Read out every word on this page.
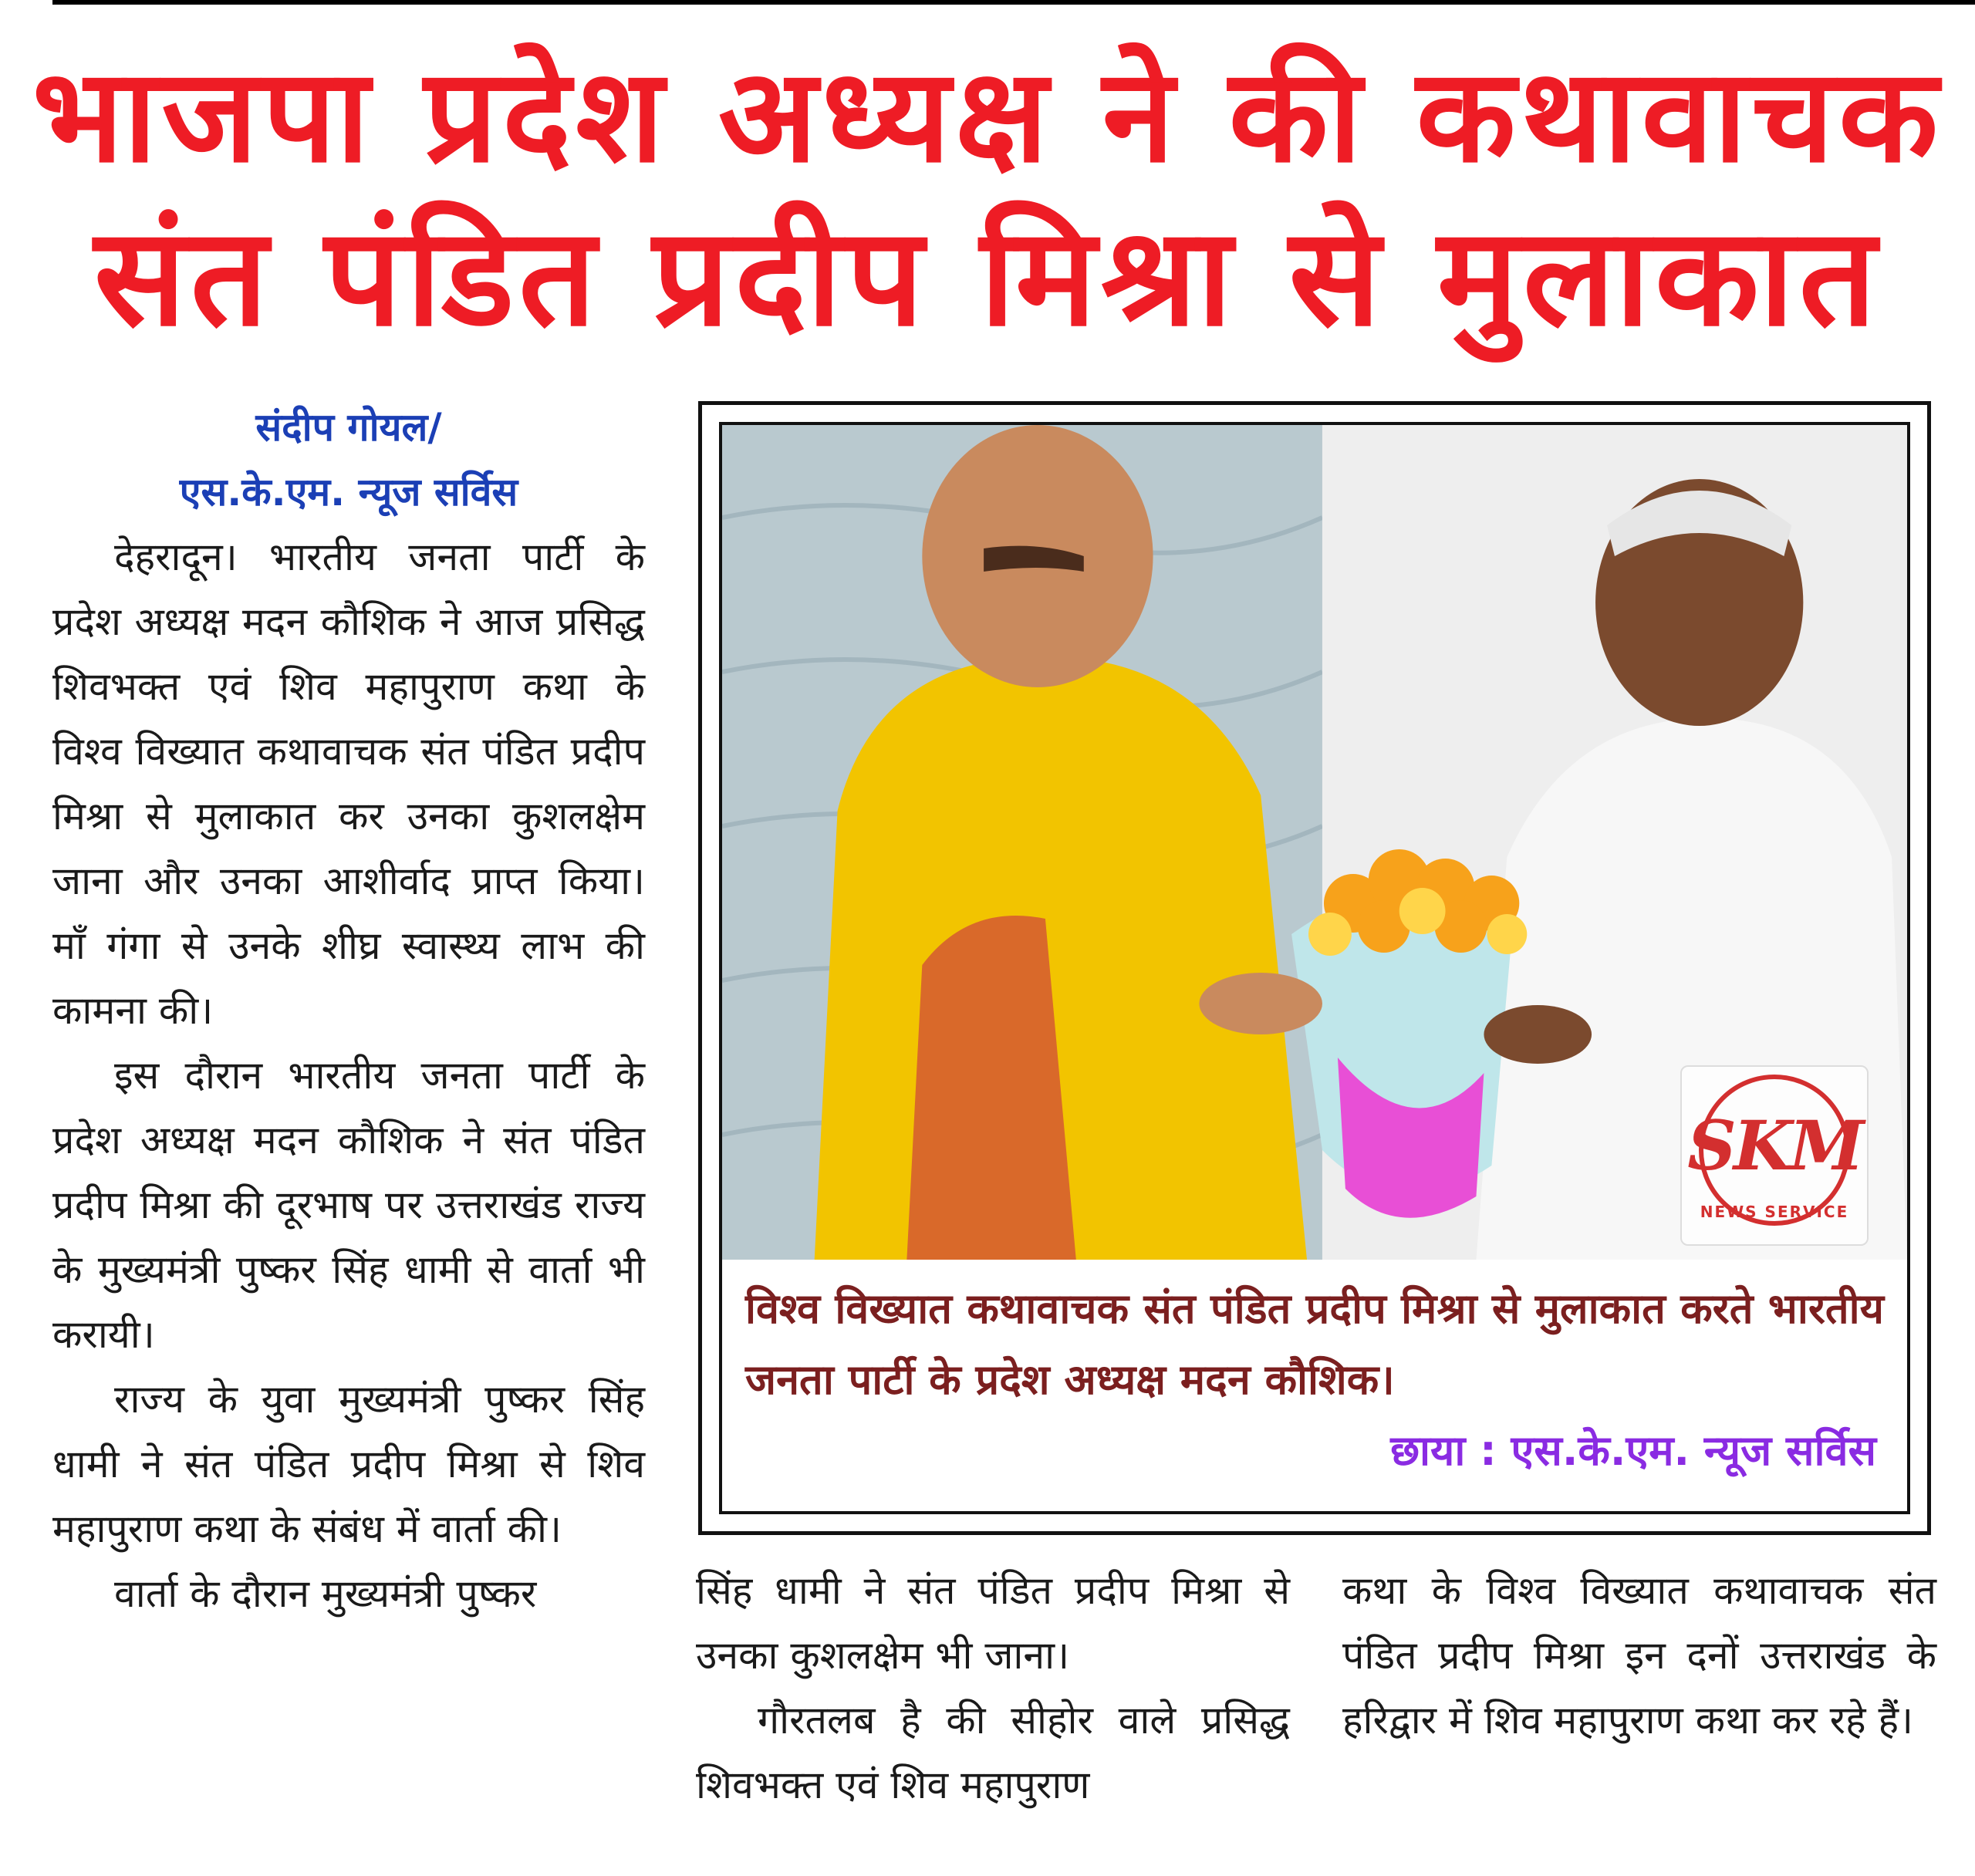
भाजपा प्रदेश अध्यक्ष ने की कथावाचक
संत पंडित प्रदीप मिश्रा से मुलाकात
संदीप गोयल/
एस.के.एम. न्यूज सर्विस

देहरादून। भारतीय जनता पार्टी के प्रदेश अध्यक्ष मदन कौशिक ने आज प्रसिद्ध शिवभक्त एवं शिव महापुराण कथा के विश्व विख्यात कथावाचक संत पंडित प्रदीप मिश्रा से मुलाकात कर उनका कुशलक्षेम जाना और उनका आशीर्वाद प्राप्त किया। माँ गंगा से उनके शीघ्र स्वास्थ्य लाभ की कामना की।

इस दौरान भारतीय जनता पार्टी के प्रदेश अध्यक्ष मदन कौशिक ने संत पंडित प्रदीप मिश्रा की दूरभाष पर उत्तराखंड राज्य के मुख्यमंत्री पुष्कर सिंह धामी से वार्ता भी करायी।

राज्य के युवा मुख्यमंत्री पुष्कर सिंह धामी ने संत पंडित प्रदीप मिश्रा से शिव महापुराण कथा के संबंध में वार्ता की।

वार्ता के दौरान मुख्यमंत्री पुष्कर

SKM
NEWS SERVICE
विश्व विख्यात कथावाचक संत पंडित प्रदीप मिश्रा से मुलाकात करते भारतीय जनता पार्टी के प्रदेश अध्यक्ष मदन कौशिक।
छाया : एस.के.एम. न्यूज सर्विस

सिंह धामी ने संत पंडित प्रदीप मिश्रा से उनका कुशलक्षेम भी जाना।

गौरतलब है की सीहोर वाले प्रसिद्ध शिवभक्त एवं शिव महापुराण

कथा के विश्व विख्यात कथावाचक संत पंडित प्रदीप मिश्रा इन दनों उत्तराखंड के हरिद्वार में शिव महापुराण कथा कर रहे हैं।
